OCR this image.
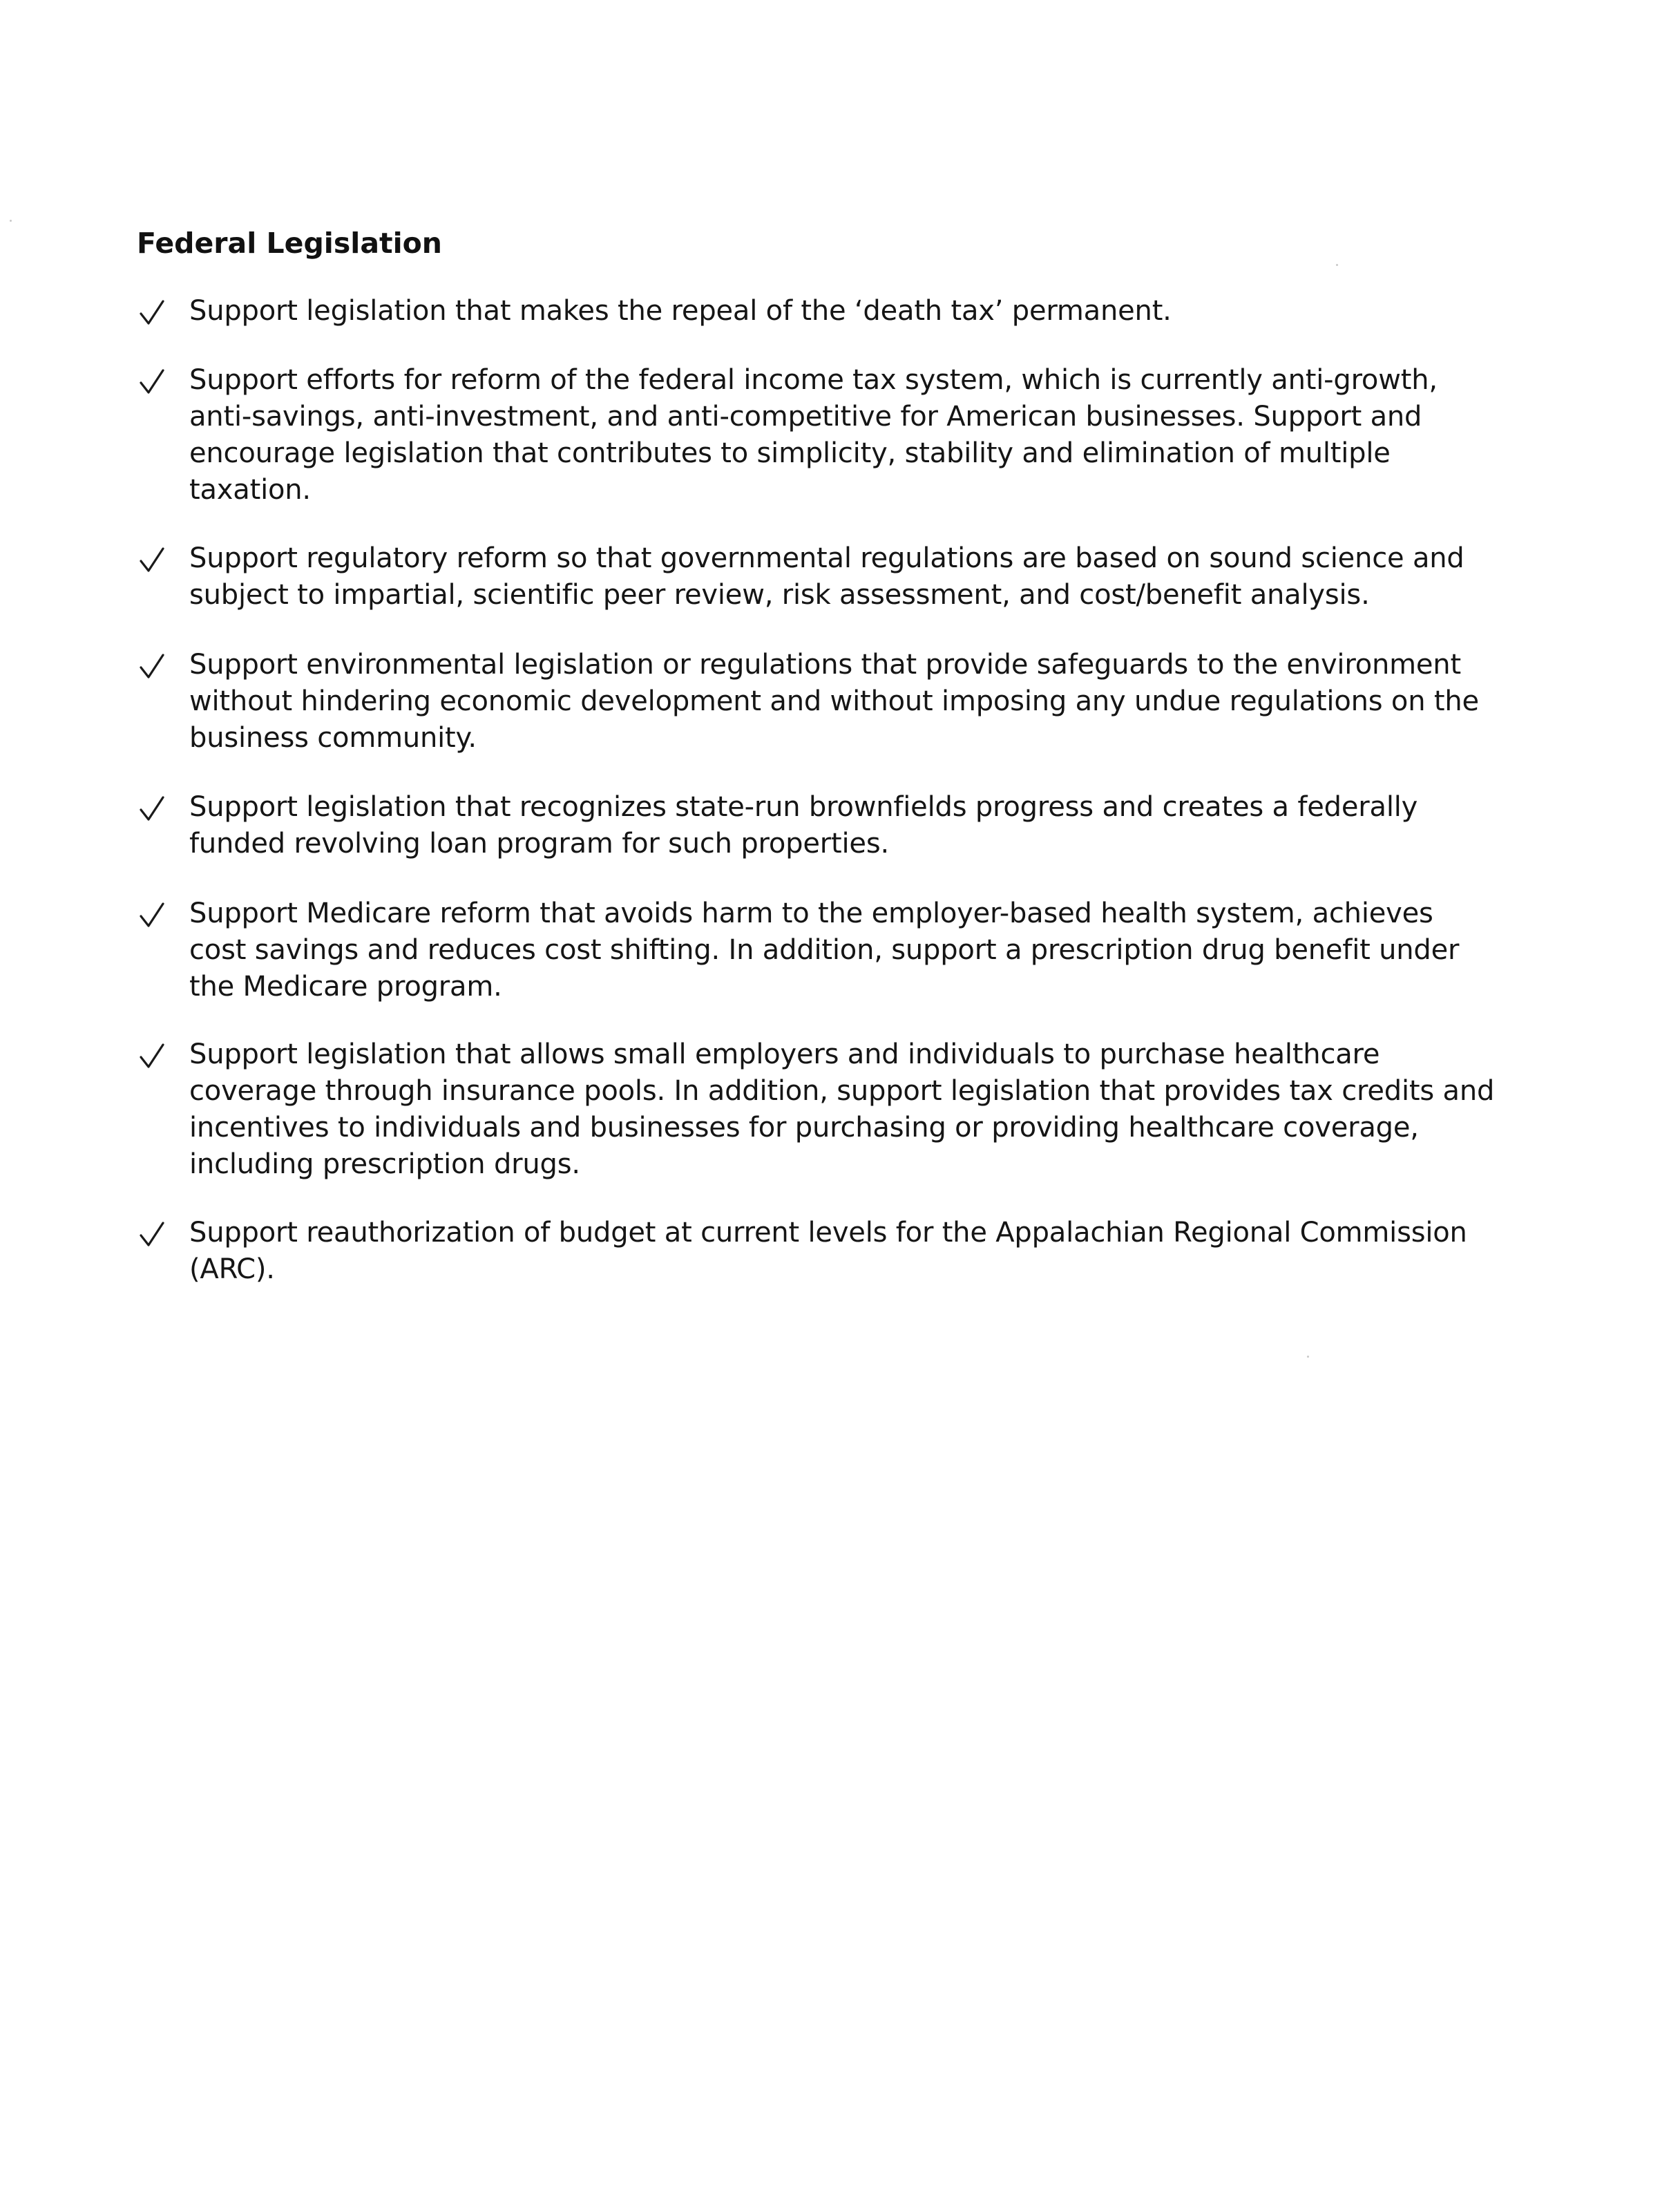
Federal Legislation

Support legislation that makes the repeal of the ‘death tax’ permanent.

Support efforts for reform of the federal income tax system, which is currently anti-growth, anti-savings, anti-investment, and anti-competitive for American businesses. Support and encourage legislation that contributes to simplicity, stability and elimination of multiple taxation.

Support regulatory reform so that governmental regulations are based on sound science and subject to impartial, scientific peer review, risk assessment, and cost/benefit analysis.

Support environmental legislation or regulations that provide safeguards to the environment without hindering economic development and without imposing any undue regulations on the business community.

Support legislation that recognizes state-run brownfields progress and creates a federally funded revolving loan program for such properties.

Support Medicare reform that avoids harm to the employer-based health system, achieves cost savings and reduces cost shifting. In addition, support a prescription drug benefit under the Medicare program.

Support legislation that allows small employers and individuals to purchase healthcare coverage through insurance pools. In addition, support legislation that provides tax credits and incentives to individuals and businesses for purchasing or providing healthcare coverage, including prescription drugs.

Support reauthorization of budget at current levels for the Appalachian Regional Commission (ARC).
